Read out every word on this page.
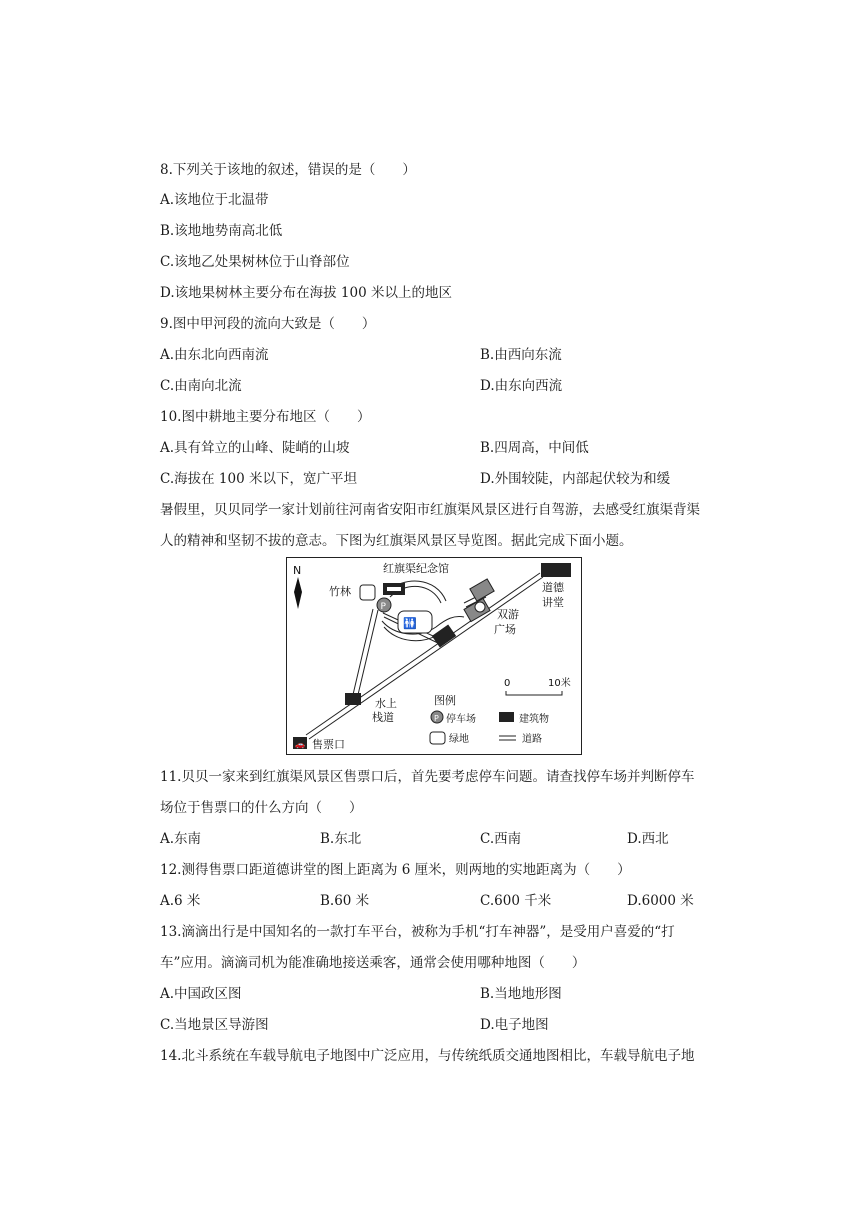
8.下列关于该地的叙述，错误的是（　　）
A.该地位于北温带
B.该地地势南高北低
C.该地乙处果树林位于山脊部位
D.该地果树林主要分布在海拔 100 米以上的地区
9.图中甲河段的流向大致是（　　）
A.由东北向西南流	B.由西向东流
C.由南向北流	D.由东向西流
10.图中耕地主要分布地区（　　）
A.具有耸立的山峰、陡峭的山坡	B.四周高，中间低
C.海拔在 100 米以下，宽广平坦	D.外围较陡，内部起伏较为和缓
暑假里，贝贝同学一家计划前往河南省安阳市红旗渠风景区进行自驾游，去感受红旗渠背渠
人的精神和坚韧不拔的意志。下图为红旗渠风景区导览图。据此完成下面小题。
N
🚻
🚗
P
红旗渠纪念馆
竹林	道德
讲堂
双游
广场
水上
栈道
售票口
0	10米
图例
P 停车场	建筑物
绿地	道路
11.贝贝一家来到红旗渠风景区售票口后，首先要考虑停车问题。请查找停车场并判断停车
场位于售票口的什么方向（　　）
A.东南	B.东北	C.西南	D.西北
12.测得售票口距道德讲堂的图上距离为 6 厘米，则两地的实地距离为（　　）
A.6 米	B.60 米	C.600 千米	D.6000 米
13.滴滴出行是中国知名的一款打车平台，被称为手机“打车神器”，是受用户喜爱的“打
车”应用。滴滴司机为能准确地接送乘客，通常会使用哪种地图（　　）
A.中国政区图	B.当地地形图
C.当地景区导游图	D.电子地图
14.北斗系统在车载导航电子地图中广泛应用，与传统纸质交通地图相比，车载导航电子地
